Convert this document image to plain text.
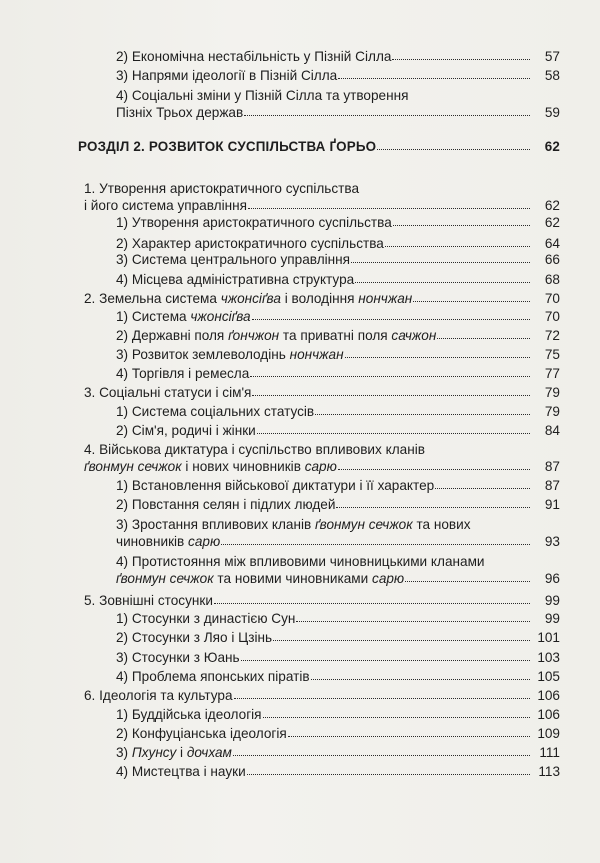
2) Економічна нестабільність у Пізній Сілла	57
3) Напрями ідеології в Пізній Сілла	58
4) Соціальні зміни у Пізній Сілла та утворення
Пізніх Трьох держав	59
РОЗДІЛ 2. РОЗВИТОК СУСПІЛЬСТВА ҐОРЬО	62
1. Утворення аристократичного суспільства
і його система управління	62
1) Утворення аристократичного суспільства	62
2) Характер аристократичного суспільства	64
3) Система центрального управління	66
4) Місцева адміністративна структура	68
2. Земельна система чжонсіґва і володіння нончжан	70
1) Система чжонсіґва	70
2) Державні поля ґончжон та приватні поля сачжон	72
3) Розвиток землеволодінь нончжан	75
4) Торгівля і ремесла	77
3. Соціальні статуси і сім'я	79
1) Система соціальних статусів	79
2) Сім'я, родичі і жінки	84
4. Військова диктатура і суспільство впливових кланів
ґвонмун сечжок і нових чиновників сарю	87
1) Встановлення військової диктатури і її характер	87
2) Повстання селян і підлих людей	91
3) Зростання впливових кланів ґвонмун сечжок та нових
чиновників сарю	93
4) Протистояння між впливовими чиновницькими кланами
ґвонмун сечжок та новими чиновниками сарю	96
5. Зовнішні стосунки	99
1) Стосунки з династією Сун	99
2) Стосунки з Ляо і Цзінь	101
3) Стосунки з Юань	103
4) Проблема японських піратів	105
6. Ідеологія та культура	106
1) Буддійська ідеологія	106
2) Конфуціанська ідеологія	109
3) Пхунсу і дочхам	111
4) Мистецтва і науки	113
